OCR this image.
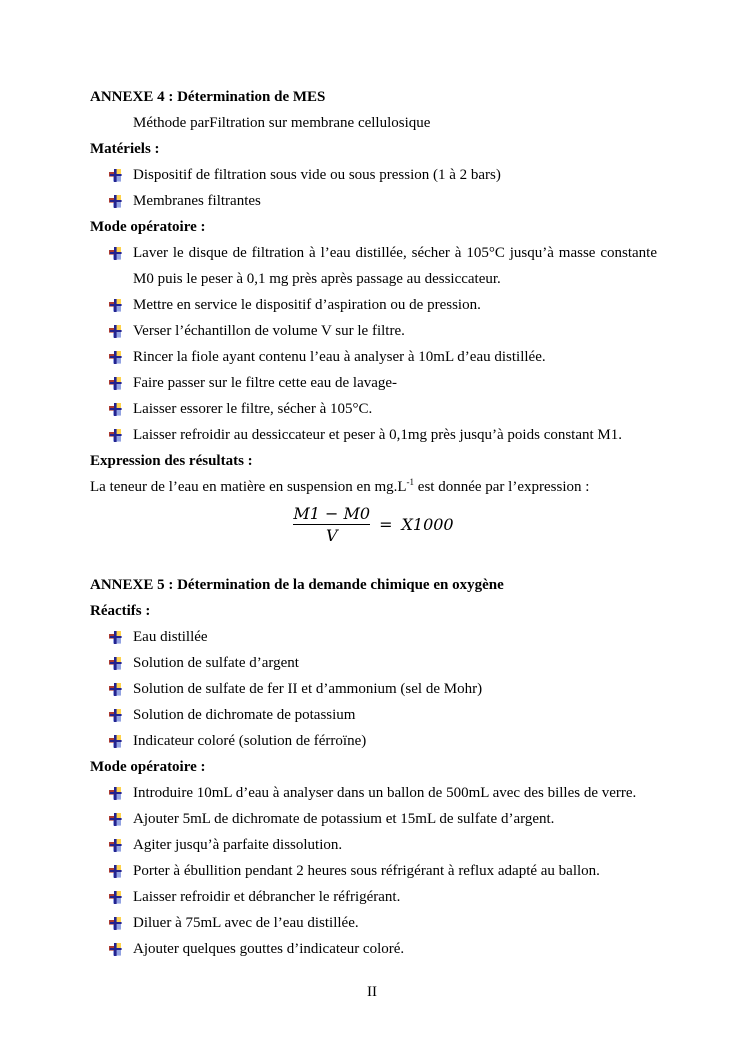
ANNEXE 4 : Détermination de MES

Méthode parFiltration sur membrane cellulosique

Matériels :

Dispositif de filtration sous vide ou sous pression (1 à 2 bars)
Membranes filtrantes

Mode opératoire :

Laver le disque de filtration à l’eau distillée, sécher à 105°C jusqu’à masse constante M0 puis le peser à 0,1 mg près après passage au dessiccateur.
Mettre en service le dispositif d’aspiration ou de pression.
Verser l’échantillon de volume V sur le filtre.
Rincer la fiole ayant contenu l’eau à analyser à 10mL d’eau distillée.
Faire passer sur le filtre cette eau de lavage-
Laisser essorer le filtre, sécher à 105°C.
Laisser refroidir au dessiccateur et peser à 0,1mg près jusqu’à poids constant M1.

Expression des résultats :

La teneur de l’eau en matière en suspension en $mg.L^{-1}$ est donnée par l’expression :

$\frac{M1 - M0}{V} = X1000$

ANNEXE 5 : Détermination de la demande chimique en oxygène

Réactifs :

Eau distillée
Solution de sulfate d’argent
Solution de sulfate de fer II et d’ammonium (sel de Mohr)
Solution de dichromate de potassium
Indicateur coloré (solution de férroïne)

Mode opératoire :

Introduire 10mL d’eau à analyser dans un ballon de 500mL avec des billes de verre.
Ajouter 5mL de dichromate de potassium et 15mL de sulfate d’argent.
Agiter jusqu’à parfaite dissolution.
Porter à ébullition pendant 2 heures sous réfrigérant à reflux adapté au ballon.
Laisser refroidir et débrancher le réfrigérant.
Diluer à 75mL avec de l’eau distillée.
Ajouter quelques gouttes d’indicateur coloré.
II
